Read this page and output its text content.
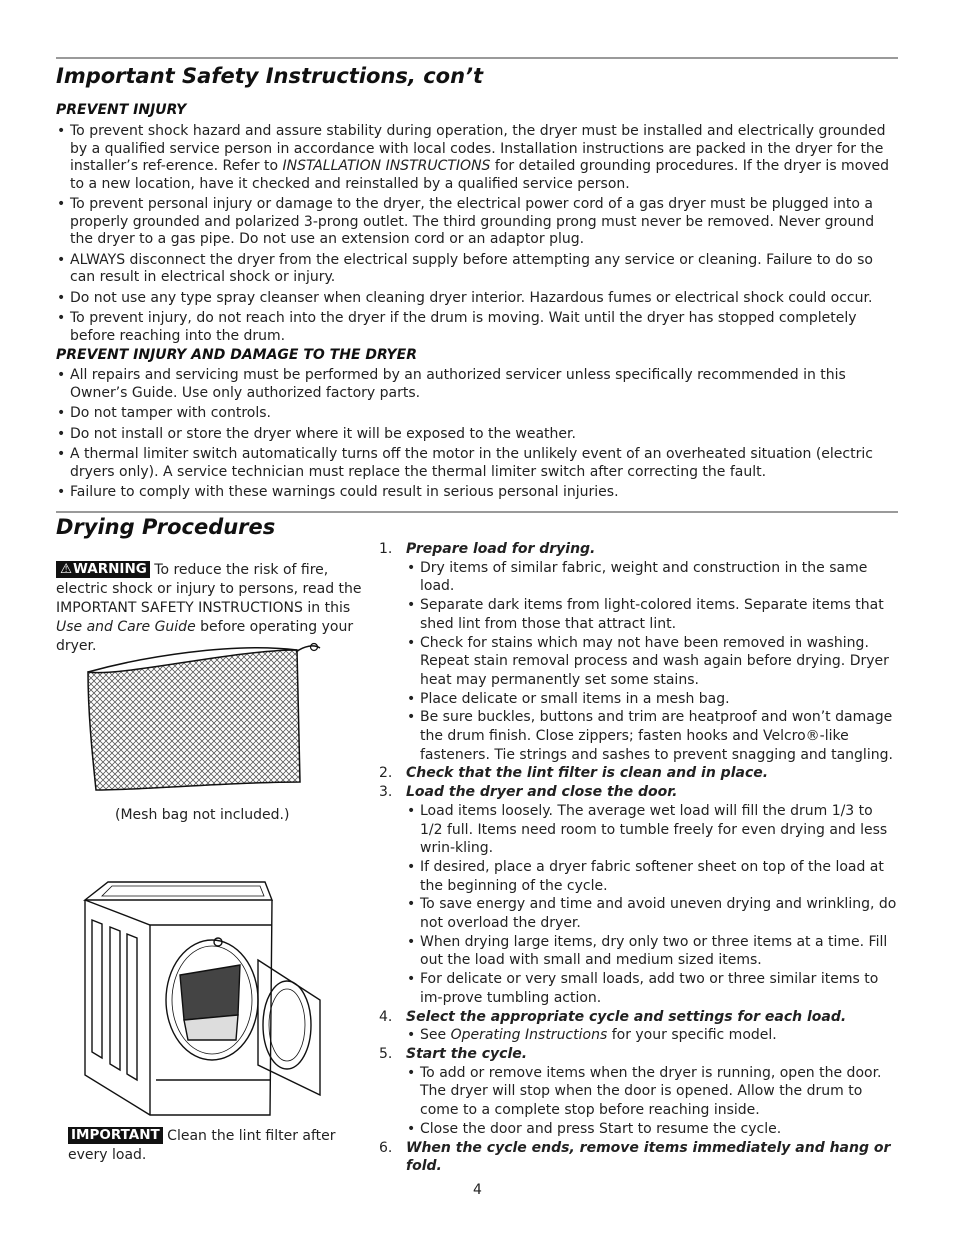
Important Safety Instructions, con’t
PREVENT INJURY
• To prevent shock hazard and assure stability during operation, the dryer must be installed and electrically grounded by a qualified service person in accordance with local codes. Installation instructions are packed in the dryer for the installer’s ref-erence. Refer to INSTALLATION INSTRUCTIONS for detailed grounding procedures. If the dryer is moved to a new location, have it checked and reinstalled by a qualified service person.
• To prevent personal injury or damage to the dryer, the electrical power cord of a gas dryer must be plugged into a properly grounded and polarized 3-prong outlet. The third grounding prong must never be removed. Never ground the dryer to a gas pipe. Do not use an extension cord or an adaptor plug.
• ALWAYS disconnect the dryer from the electrical supply before attempting any service or cleaning. Failure to do so can result in electrical shock or injury.
• Do not use any type spray cleanser when cleaning dryer interior. Hazardous fumes or electrical shock could occur.
• To prevent injury, do not reach into the dryer if the drum is moving. Wait until the dryer has stopped completely before reaching into the drum.
PREVENT INJURY AND DAMAGE TO THE DRYER
• All repairs and servicing must be performed by an authorized servicer unless specifically recommended in this Owner’s Guide. Use only authorized factory parts.
• Do not tamper with controls.
• Do not install or store the dryer where it will be exposed to the weather.
• A thermal limiter switch automatically turns off the motor in the unlikely event of an overheated situation (electric dryers only). A service technician must replace the thermal limiter switch after correcting the fault.
• Failure to comply with these warnings could result in serious personal injuries.
Drying Procedures
⚠WARNING To reduce the risk of fire, electric shock or injury to persons, read the IMPORTANT SAFETY INSTRUCTIONS in this Use and Care Guide before operating your dryer.
(Mesh bag not included.)
IMPORTANT Clean the lint filter after every load.
1. Prepare load for drying.
• Dry items of similar fabric, weight and construction in the same load.
• Separate dark items from light-colored items. Separate items that shed lint from those that attract lint.
• Check for stains which may not have been removed in washing. Repeat stain removal process and wash again before drying. Dryer heat may permanently set some stains.
• Place delicate or small items in a mesh bag.
• Be sure buckles, buttons and trim are heatproof and won’t damage the drum finish. Close zippers; fasten hooks and Velcro®-like fasteners. Tie strings and sashes to prevent snagging and tangling.
2. Check that the lint filter is clean and in place.
3. Load the dryer and close the door.
• Load items loosely. The average wet load will fill the drum 1/3 to 1/2 full. Items need room to tumble freely for even drying and less wrin-kling.
• If desired, place a dryer fabric softener sheet on top of the load at the beginning of the cycle.
• To save energy and time and avoid uneven drying and wrinkling, do not overload the dryer.
• When drying large items, dry only two or three items at a time. Fill out the load with small and medium sized items.
• For delicate or very small loads, add two or three similar items to im-prove tumbling action.
4. Select the appropriate cycle and settings for each load.
• See Operating Instructions for your specific model.
5. Start the cycle.
• To add or remove items when the dryer is running, open the door. The dryer will stop when the door is opened. Allow the drum to come to a complete stop before reaching inside.
• Close the door and press Start to resume the cycle.
6. When the cycle ends, remove items immediately and hang or fold.
4
